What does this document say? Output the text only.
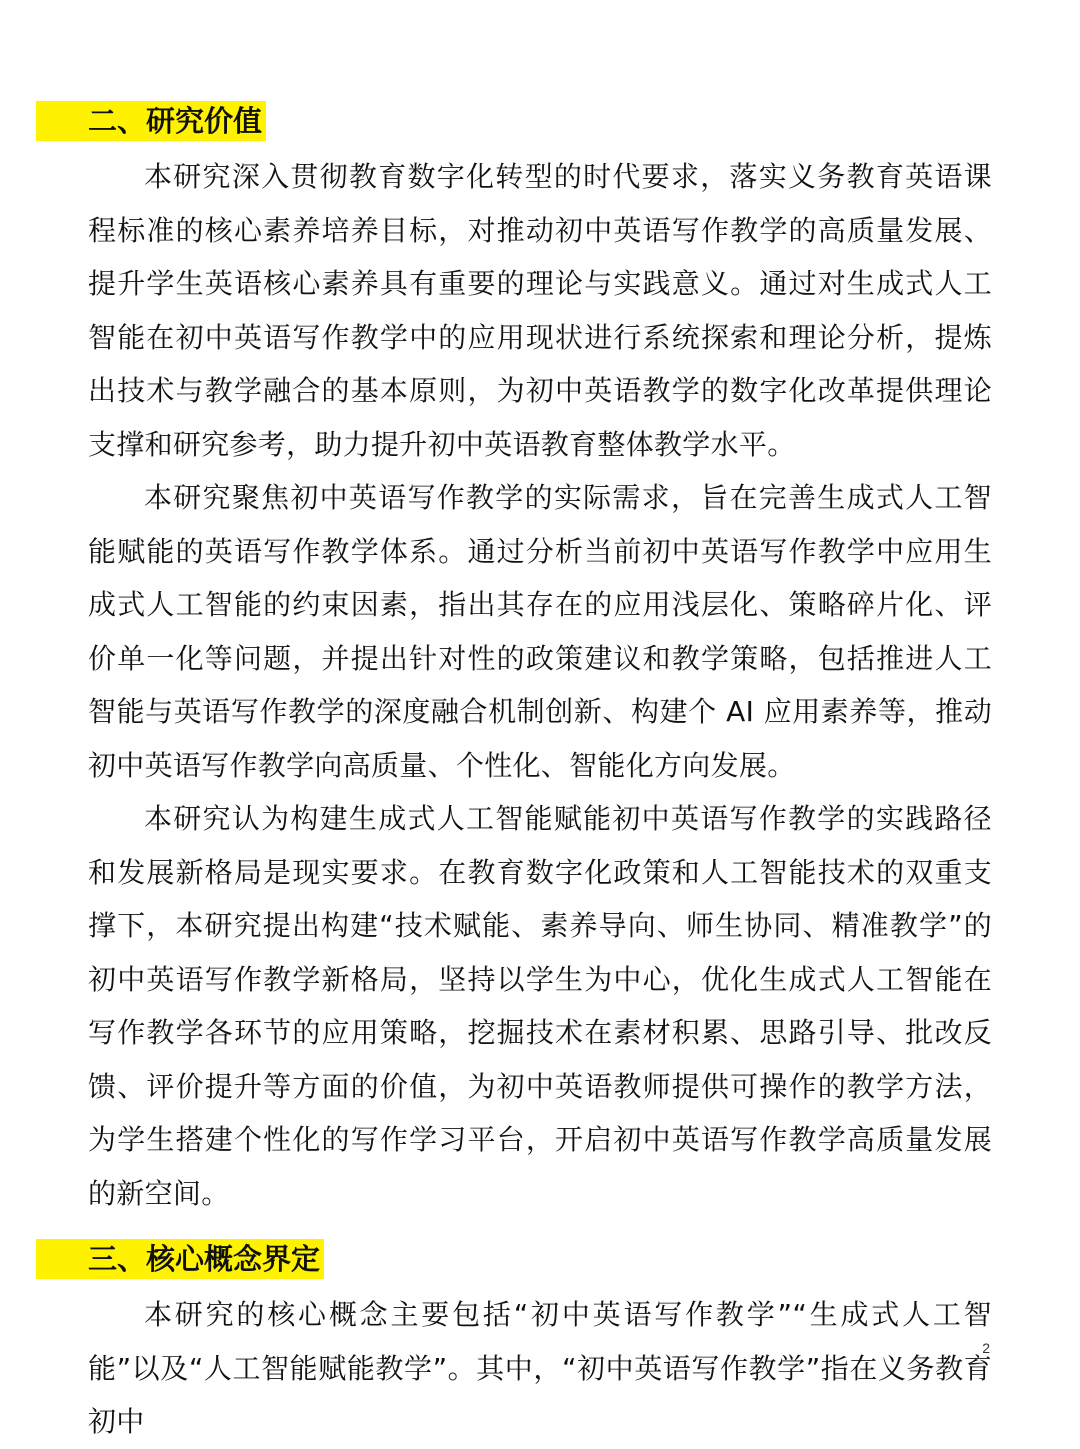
二、研究价值

本研究深入贯彻教育数字化转型的时代要求，落实义务教育英语课程标准的核心素养培养目标，对推动初中英语写作教学的高质量发展、提升学生英语核心素养具有重要的理论与实践意义。通过对生成式人工智能在初中英语写作教学中的应用现状进行系统探索和理论分析，提炼出技术与教学融合的基本原则，为初中英语教学的数字化改革提供理论支撑和研究参考，助力提升初中英语教育整体教学水平。

本研究聚焦初中英语写作教学的实际需求，旨在完善生成式人工智能赋能的英语写作教学体系。通过分析当前初中英语写作教学中应用生成式人工智能的约束因素，指出其存在的应用浅层化、策略碎片化、评价单一化等问题，并提出针对性的政策建议和教学策略，包括推进人工智能与英语写作教学的深度融合机制创新、构建个 AI 应用素养等，推动初中英语写作教学向高质量、个性化、智能化方向发展。

本研究认为构建生成式人工智能赋能初中英语写作教学的实践路径和发展新格局是现实要求。在教育数字化政策和人工智能技术的双重支撑下，本研究提出构建“技术赋能、素养导向、师生协同、精准教学”的初中英语写作教学新格局，坚持以学生为中心，优化生成式人工智能在写作教学各环节的应用策略，挖掘技术在素材积累、思路引导、批改反馈、评价提升等方面的价值，为初中英语教师提供可操作的教学方法，为学生搭建个性化的写作学习平台，开启初中英语写作教学高质量发展的新空间。

三、核心概念界定

本研究的核心概念主要包括“初中英语写作教学”“生成式人工智能”以及“人工智能赋能教学”。其中，“初中英语写作教学”指在义务教育初中

2
